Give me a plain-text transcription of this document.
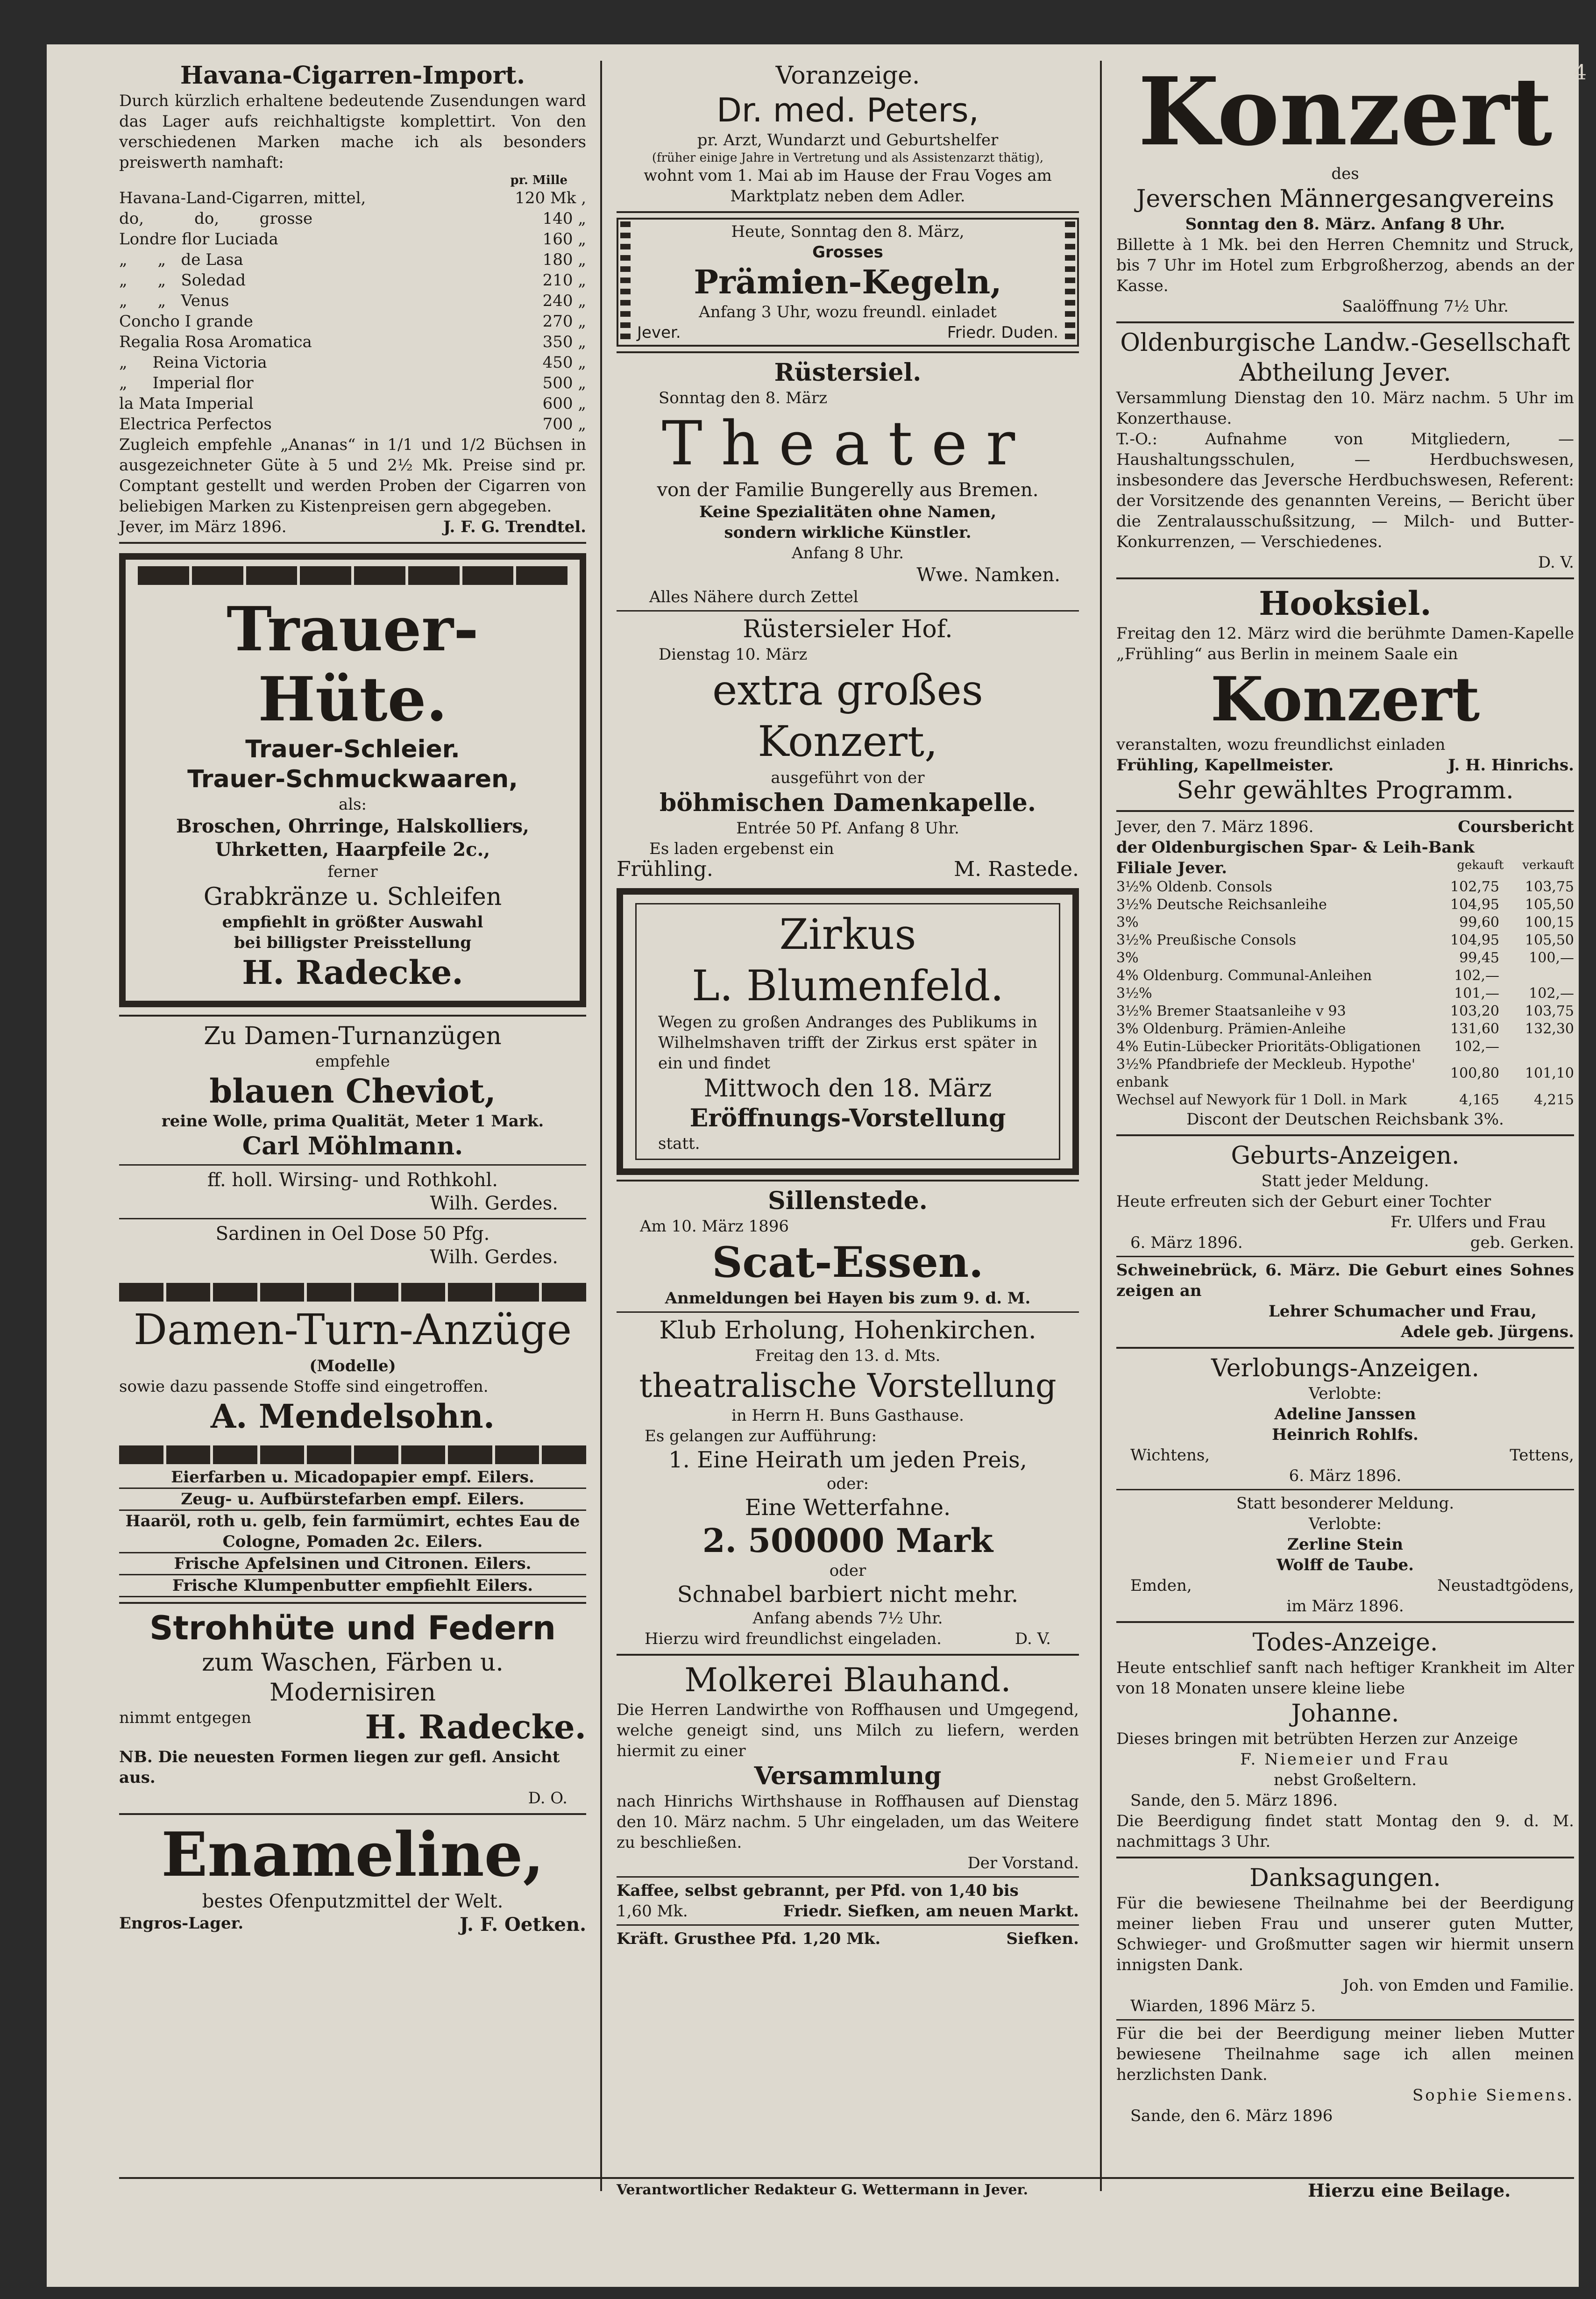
4
Havana-Cigarren-Import.
Durch kürzlich erhaltene bedeutende Zusendungen ward das Lager aufs reichhaltigste komplettirt. Von den verschiedenen Marken mache ich als besonders preiswerth namhaft:
pr. Mille
Havana-Land-Cigarren, mittel,	120 Mk ,
do,          do,        grosse	140 „
Londre flor Luciada	160 „
„      „   de Lasa	180 „
„      „   Soledad	210 „
„      „   Venus	240 „
Concho I grande	270 „
Regalia Rosa Aromatica	350 „
„     Reina Victoria	450 „
„     Imperial flor	500 „
la Mata Imperial	600 „
Electrica Perfectos	700 „
Zugleich empfehle „Ananas“ in 1/1 und 1/2 Büchsen in ausgezeichneter Güte à 5 und 2½ Mk. Preise sind pr. Comptant gestellt und werden Proben der Cigarren von beliebigen Marken zu Kistenpreisen gern abgegeben.
Jever, im März 1896.	J. F. G. Trendtel.
Trauer-Hüte.
Trauer-Schleier.
Trauer-Schmuckwaaren,
als:
Broschen, Ohrringe, Halskolliers, Uhrketten, Haarpfeile 2c.,
ferner
Grabkränze u. Schleifen
empfiehlt in größter Auswahl
bei billigster Preisstellung
H. Radecke.
Zu Damen-Turnanzügen
empfehle
blauen Cheviot,
reine Wolle, prima Qualität, Meter 1 Mark.
Carl Möhlmann.
ff. holl. Wirsing- und Rothkohl.
Wilh. Gerdes.
Sardinen in Oel Dose 50 Pfg.
Wilh. Gerdes.
Damen-Turn-Anzüge
(Modelle)
sowie dazu passende Stoffe sind eingetroffen.
A. Mendelsohn.
Eierfarben u. Micadopapier empf. Eilers.
Zeug- u. Aufbürstefarben empf. Eilers.
Haaröl, roth u. gelb, fein farmümirt, echtes Eau de Cologne, Pomaden 2c. Eilers.
Frische Apfelsinen und Citronen. Eilers.
Frische Klumpenbutter empfiehlt Eilers.
Strohhüte und Federn
zum Waschen, Färben u. Modernisiren
nimmt entgegen	H. Radecke.
NB. Die neuesten Formen liegen zur gefl. Ansicht aus.
D. O.
Enameline,
bestes Ofenputzmittel der Welt.
Engros-Lager.	J. F. Oetken.
Voranzeige.
Dr. med. Peters,
pr. Arzt, Wundarzt und Geburtshelfer
(früher einige Jahre in Vertretung und als Assistenzarzt thätig),
wohnt vom 1. Mai ab im Hause der Frau Voges am Marktplatz neben dem Adler.
Heute, Sonntag den 8. März,
Grosses
Prämien-Kegeln,
Anfang 3 Uhr, wozu freundl. einladet
Jever.	Friedr. Duden.
Rüstersiel.
Sonntag den 8. März
Theater
von der Familie Bungerelly aus Bremen.
Keine Spezialitäten ohne Namen,
sondern wirkliche Künstler.
Anfang 8 Uhr.
Wwe. Namken.
Alles Nähere durch Zettel
Rüstersieler Hof.
Dienstag 10. März
extra großes Konzert,
ausgeführt von der
böhmischen Damenkapelle.
Entrée 50 Pf. Anfang 8 Uhr.
Es laden ergebenst ein
Frühling.	M. Rastede.
Zirkus
L. Blumenfeld.
Wegen zu großen Andranges des Publikums in Wilhelmshaven trifft der Zirkus erst später in ein und findet
Mittwoch den 18. März
Eröffnungs-Vorstellung
statt.
Sillenstede.
Am 10. März 1896
Scat-Essen.
Anmeldungen bei Hayen bis zum 9. d. M.
Klub Erholung, Hohenkirchen.
Freitag den 13. d. Mts.
theatralische Vorstellung
in Herrn H. Buns Gasthause.
Es gelangen zur Aufführung:
1. Eine Heirath um jeden Preis,
oder:
Eine Wetterfahne.
2. 500000 Mark
oder
Schnabel barbiert nicht mehr.
Anfang abends 7½ Uhr.
Hierzu wird freundlichst eingeladen.	D. V.
Molkerei Blauhand.
Die Herren Landwirthe von Roffhausen und Umgegend, welche geneigt sind, uns Milch zu liefern, werden hiermit zu einer
Versammlung
nach Hinrichs Wirthshause in Roffhausen auf Dienstag den 10. März nachm. 5 Uhr eingeladen, um das Weitere zu beschließen.
Der Vorstand.
Kaffee, selbst gebrannt, per Pfd. von 1,40 bis
1,60 Mk.	Friedr. Siefken, am neuen Markt.
Kräft. Grusthee Pfd. 1,20 Mk.	Siefken.
Konzert
des
Jeverschen Männergesangvereins
Sonntag den 8. März. Anfang 8 Uhr.
Billette à 1 Mk. bei den Herren Chemnitz und Struck, bis 7 Uhr im Hotel zum Erbgroßherzog, abends an der Kasse.
Saalöffnung 7½ Uhr.
Oldenburgische Landw.-Gesellschaft
Abtheilung Jever.
Versammlung Dienstag den 10. März nachm. 5 Uhr im Konzerthause.
T.-O.: Aufnahme von Mitgliedern, — Haushaltungsschulen, — Herdbuchswesen, insbesondere das Jeversche Herdbuchswesen, Referent: der Vorsitzende des genannten Vereins, — Bericht über die Zentralausschußsitzung, — Milch- und Butter-Konkurrenzen, — Verschiedenes.
D. V.
Hooksiel.
Freitag den 12. März wird die berühmte Damen-Kapelle „Frühling“ aus Berlin in meinem Saale ein
Konzert
veranstalten, wozu freundlichst einladen
Frühling, Kapellmeister.	J. H. Hinrichs.
Sehr gewähltes Programm.
Jever, den 7. März 1896.	Coursbericht
der Oldenburgischen Spar- & Leih-Bank
Filiale Jever.	gekauft verkauft
3½% Oldenb. Consols	102,75	103,75
3½% Deutsche Reichsanleihe	104,95	105,50
3%	99,60	100,15
3½% Preußische Consols	104,95	105,50
3%	99,45	100,—
4% Oldenburg. Communal-Anleihen	102,—	
3½%	101,—	102,—
3½% Bremer Staatsanleihe v 93	103,20	103,75
3% Oldenburg. Prämien-Anleihe	131,60	132,30
4% Eutin-Lübecker Prioritäts-Obligationen	102,—	
3½% Pfandbriefe der Meckleub. Hypothe' enbank	100,80	101,10
Wechsel auf Newyork für 1 Doll. in Mark	4,165	4,215
Discont der Deutschen Reichsbank 3%.
Geburts-Anzeigen.
Statt jeder Meldung.
Heute erfreuten sich der Geburt einer Tochter
Fr. Ulfers und Frau
6. März 1896.	geb. Gerken.
Schweinebrück, 6. März. Die Geburt eines Sohnes zeigen an
Lehrer Schumacher und Frau,
Adele geb. Jürgens.
Verlobungs-Anzeigen.
Verlobte:
Adeline Janssen
Heinrich Rohlfs.
Wichtens,	Tettens,
6. März 1896.
Statt besonderer Meldung.
Verlobte:
Zerline Stein
Wolff de Taube.
Emden,	Neustadtgödens,
im März 1896.
Todes-Anzeige.
Heute entschlief sanft nach heftiger Krankheit im Alter von 18 Monaten unsere kleine liebe
Johanne.
Dieses bringen mit betrübten Herzen zur Anzeige
F. Niemeier und Frau
nebst Großeltern.
Sande, den 5. März 1896.
Die Beerdigung findet statt Montag den 9. d. M. nachmittags 3 Uhr.
Danksagungen.
Für die bewiesene Theilnahme bei der Beerdigung meiner lieben Frau und unserer guten Mutter, Schwieger- und Großmutter sagen wir hiermit unsern innigsten Dank.
Joh. von Emden und Familie.
Wiarden, 1896 März 5.
Für die bei der Beerdigung meiner lieben Mutter bewiesene Theilnahme sage ich allen meinen herzlichsten Dank.
Sophie Siemens.
Sande, den 6. März 1896
Verantwortlicher Redakteur G. Wettermann in Jever.	Hierzu eine Beilage.
